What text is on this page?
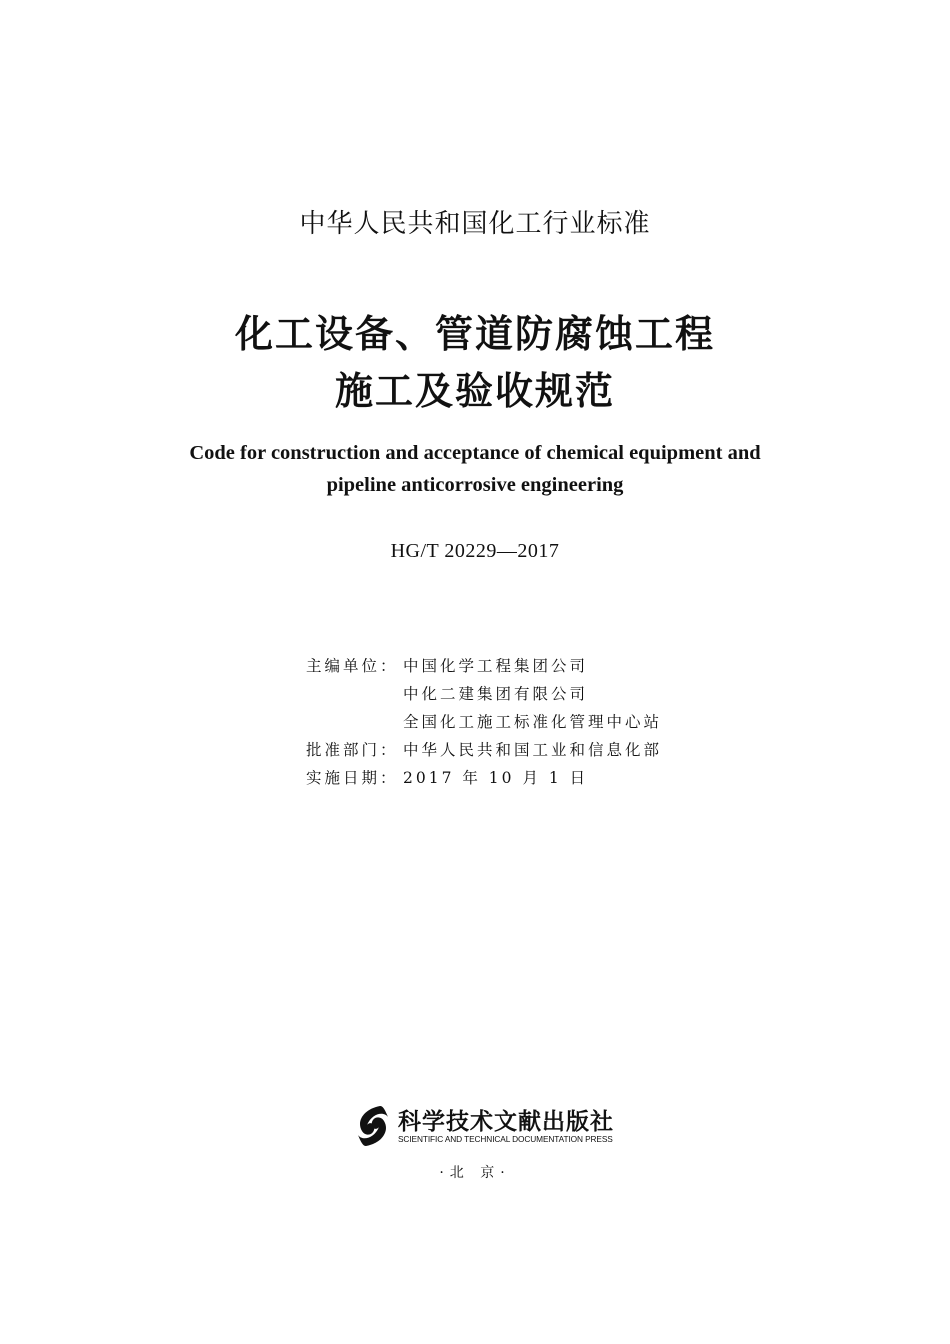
中华人民共和国化工行业标准
化工设备、管道防腐蚀工程
施工及验收规范
Code for construction and acceptance of chemical equipment and
pipeline anticorrosive engineering
HG/T 20229—2017
主编单位： 中国化学工程集团公司
中化二建集团有限公司
全国化工施工标准化管理中心站
批准部门： 中华人民共和国工业和信息化部
实施日期： 2017 年 10 月 1 日
科学技术文献出版社
SCIENTIFIC AND TECHNICAL DOCUMENTATION PRESS
·北 京·
